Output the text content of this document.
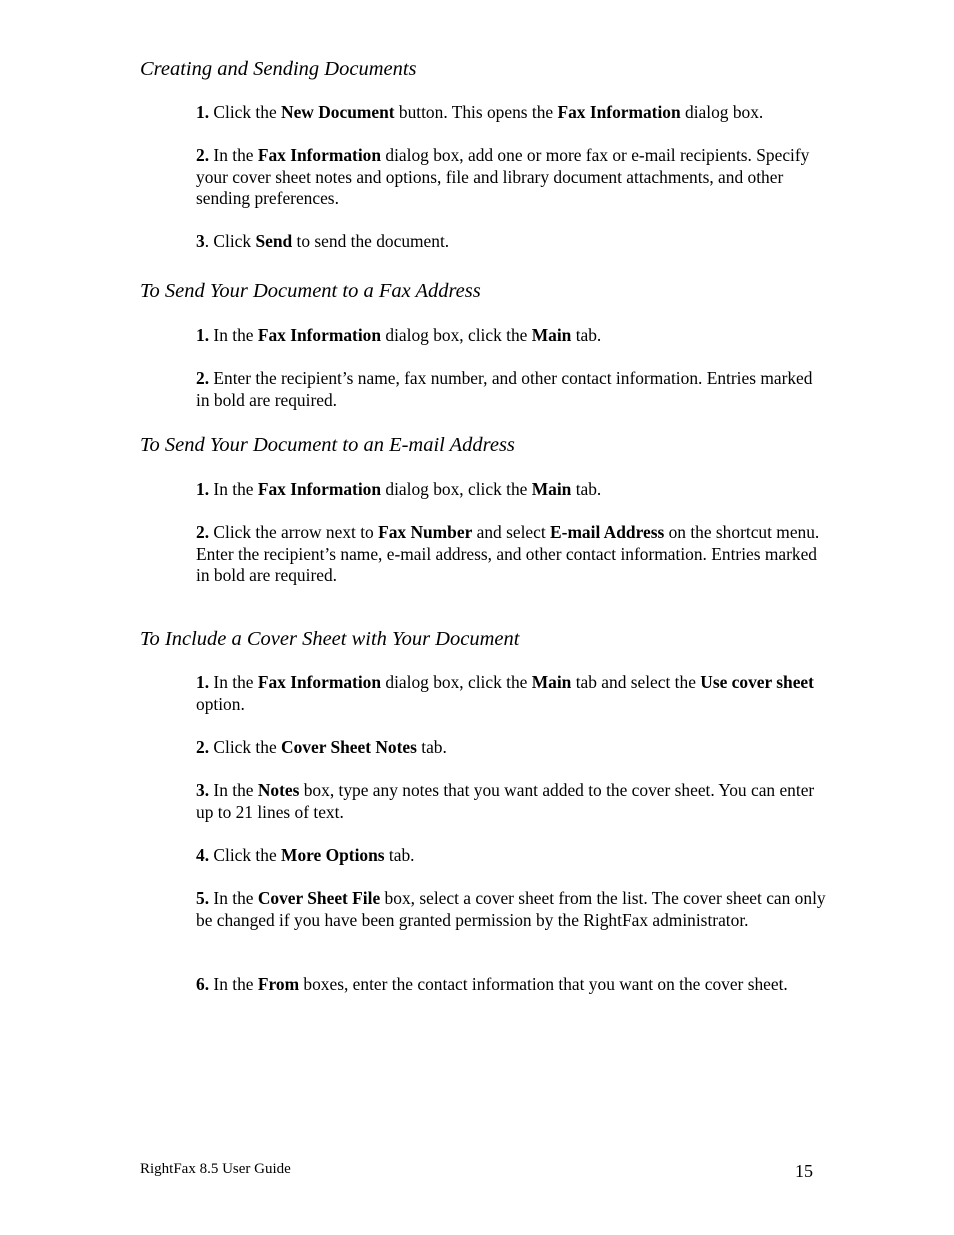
Creating and Sending Documents

1. Click the New Document button. This opens the Fax Information dialog box.

2. In the Fax Information dialog box, add one or more fax or e-mail recipients. Specify your cover sheet notes and options, file and library document attachments, and other sending preferences.

3. Click Send to send the document.

To Send Your Document to a Fax Address

1. In the Fax Information dialog box, click the Main tab.

2. Enter the recipient’s name, fax number, and other contact information. Entries marked in bold are required.

To Send Your Document to an E-mail Address

1. In the Fax Information dialog box, click the Main tab.

2. Click the arrow next to Fax Number and select E-mail Address on the shortcut menu. Enter the recipient’s name, e-mail address, and other contact information. Entries marked in bold are required.

To Include a Cover Sheet with Your Document

1. In the Fax Information dialog box, click the Main tab and select the Use cover sheet option.

2. Click the Cover Sheet Notes tab.

3. In the Notes box, type any notes that you want added to the cover sheet. You can enter up to 21 lines of text.

4. Click the More Options tab.

5. In the Cover Sheet File box, select a cover sheet from the list. The cover sheet can only be changed if you have been granted permission by the RightFax administrator.

6. In the From boxes, enter the contact information that you want on the cover sheet.

RightFax 8.5 User Guide	15
